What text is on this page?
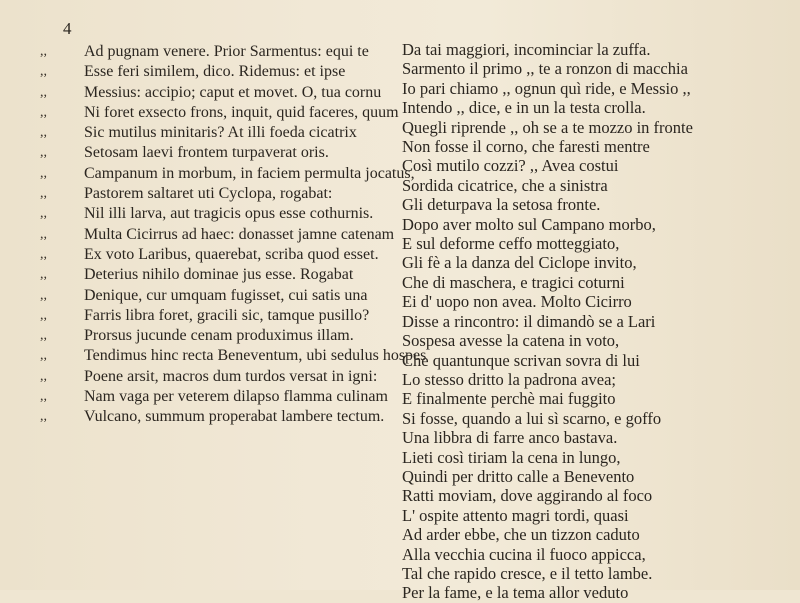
4
,,	Ad pugnam venere. Prior Sarmentus: equi te
,,	Esse feri similem, dico. Ridemus: et ipse
,,	Messius: accipio; caput et movet. O, tua cornu
,,	Ni foret exsecto frons, inquit, quid faceres, quum
,,	Sic mutilus minitaris? At illi foeda cicatrix
,,	Setosam laevi frontem turpaverat oris.
,,	Campanum in morbum, in faciem permulta jocatus,
,,	Pastorem saltaret uti Cyclopa, rogabat:
,,	Nil illi larva, aut tragicis opus esse cothurnis.
,,	Multa Cicirrus ad haec: donasset jamne catenam
,,	Ex voto Laribus, quaerebat, scriba quod esset.
,,	Deterius nihilo dominae jus esse. Rogabat
,,	Denique, cur umquam fugisset, cui satis una
,,	Farris libra foret, gracili sic, tamque pusillo?
,,	Prorsus jucunde cenam produximus illam.
,,	Tendimus hinc recta Beneventum, ubi sedulus hospes
,,	Poene arsit, macros dum turdos versat in igni:
,,	Nam vaga per veterem dilapso flamma culinam
,,	Vulcano, summum properabat lambere tectum.
Da tai maggiori, incominciar la zuffa.
Sarmento il primo ,, te a ronzon di macchia
Io pari chiamo ,, ognun quì ride, e Messio ,,
Intendo ,, dice, e in un la testa crolla.
Quegli riprende ,, oh se a te mozzo in fronte
Non fosse il corno, che faresti mentre
Così mutilo cozzi? ,, Avea costui
Sordida cicatrice, che a sinistra
Gli deturpava la setosa fronte.
Dopo aver molto sul Campano morbo,
E sul deforme ceffo motteggiato,
Gli fè a la danza del Ciclope invito,
Che di maschera, e tragici coturni
Ei d' uopo non avea. Molto Cicirro
Disse a rincontro: il dimandò se a Lari
Sospesa avesse la catena in voto,
Che quantunque scrivan sovra di lui
Lo stesso dritto la padrona avea;
E finalmente perchè mai fuggito
Si fosse, quando a lui sì scarno, e goffo
Una libbra di farre anco bastava.
Lieti così tiriam la cena in lungo,
Quindi per dritto calle a Benevento
Ratti moviam, dove aggirando al foco
L' ospite attento magri tordi, quasi
Ad arder ebbe, che un tizzon caduto
Alla vecchia cucina il fuoco appicca,
Tal che rapido cresce, e il tetto lambe.
Per la fame, e la tema allor veduto
